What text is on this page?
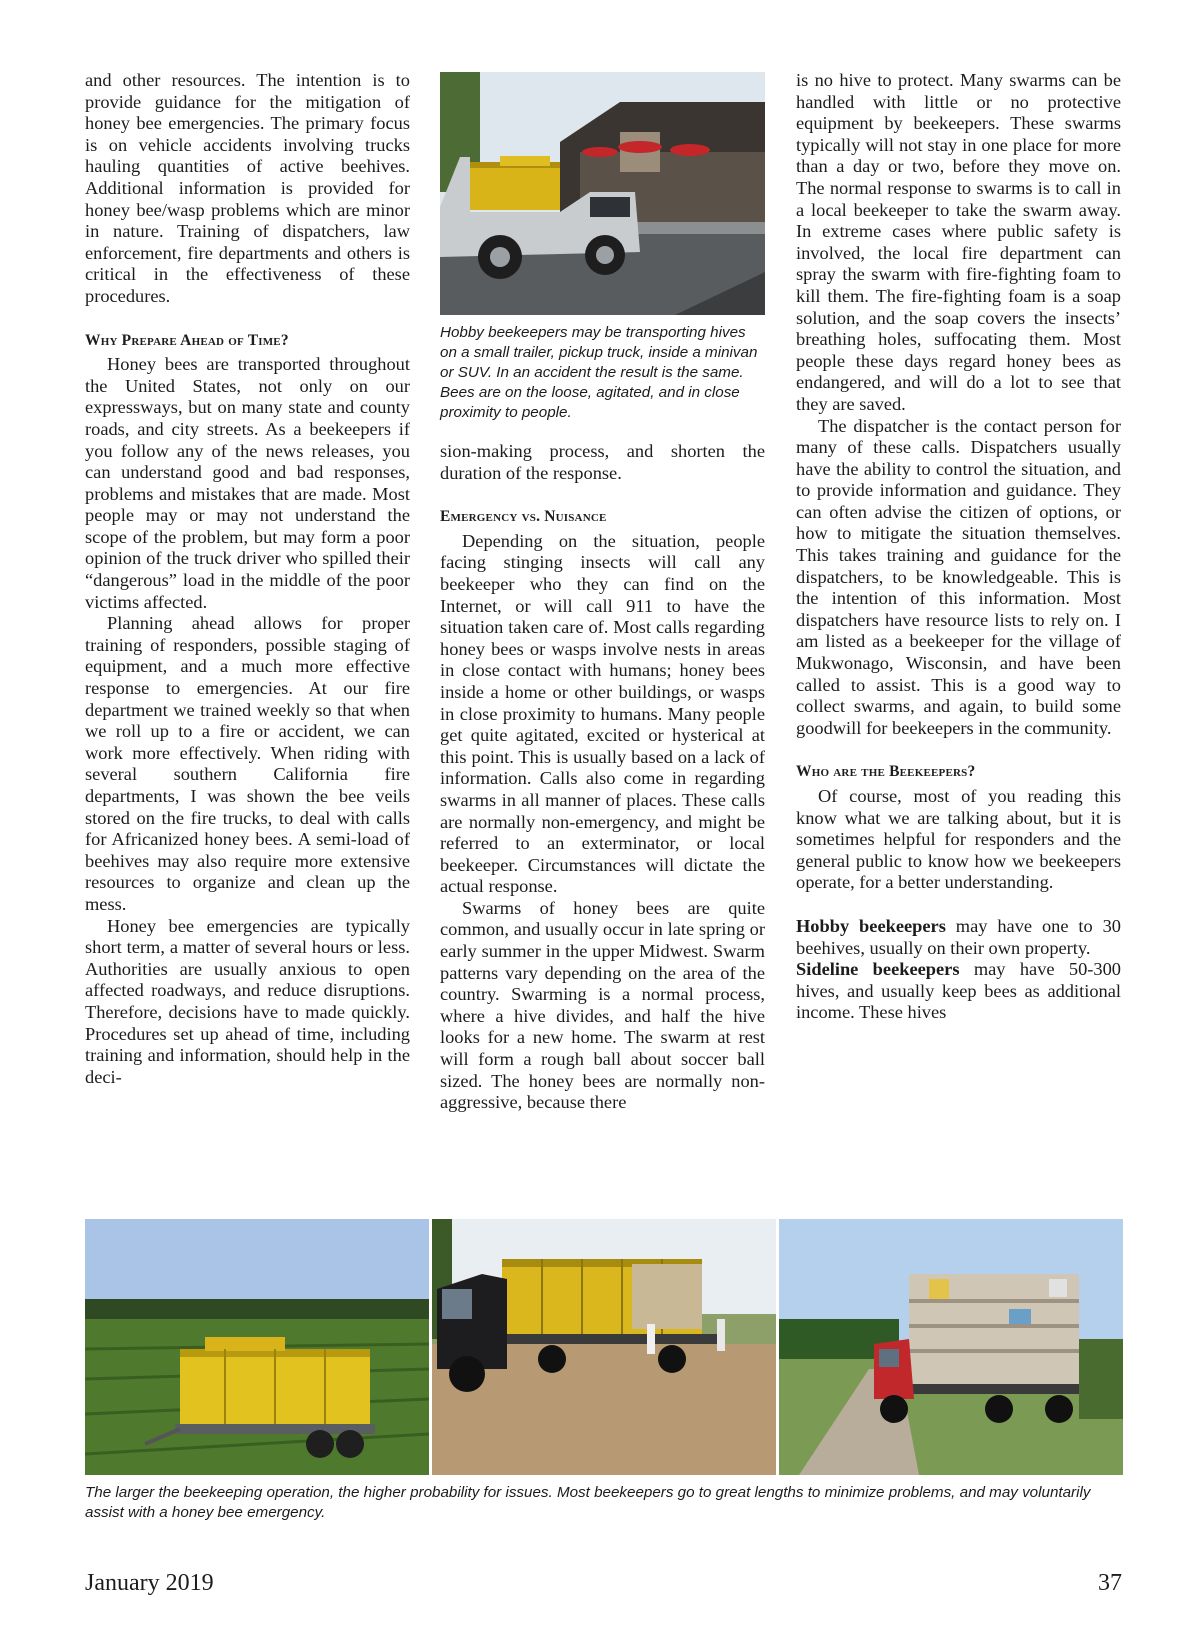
and other resources. The intention is to provide guidance for the mitigation of honey bee emergencies. The primary focus is on vehicle accidents involving trucks hauling quantities of active beehives. Additional information is provided for honey bee/wasp problems which are minor in nature. Training of dispatchers, law enforcement, fire departments and others is critical in the effectiveness of these procedures.

Why Prepare Ahead of Time?

Honey bees are transported throughout the United States, not only on our expressways, but on many state and county roads, and city streets. As a beekeepers if you follow any of the news releases, you can understand good and bad responses, problems and mistakes that are made. Most people may or may not understand the scope of the problem, but may form a poor opinion of the truck driver who spilled their “dangerous” load in the middle of the poor victims affected.

Planning ahead allows for proper training of responders, possible staging of equipment, and a much more effective response to emergencies. At our fire department we trained weekly so that when we roll up to a fire or accident, we can work more effectively. When riding with several southern California fire departments, I was shown the bee veils stored on the fire trucks, to deal with calls for Africanized honey bees. A semi-load of beehives may also require more extensive resources to organize and clean up the mess.

Honey bee emergencies are typically short term, a matter of several hours or less. Authorities are usually anxious to open affected roadways, and reduce disruptions. Therefore, decisions have to made quickly. Procedures set up ahead of time, including training and information, should help in the deci-

Hobby beekeepers may be transporting hives on a small trailer, pickup truck, inside a minivan or SUV. In an accident the result is the same. Bees are on the loose, agitated, and in close proximity to people.

sion-making process, and shorten the duration of the response.

Emergency vs. Nuisance

Depending on the situation, people facing stinging insects will call any beekeeper who they can find on the Internet, or will call 911 to have the situation taken care of. Most calls regarding honey bees or wasps involve nests in areas in close contact with humans; honey bees inside a home or other buildings, or wasps in close proximity to humans. Many people get quite agitated, excited or hysterical at this point. This is usually based on a lack of information. Calls also come in regarding swarms in all manner of places. These calls are normally non-emergency, and might be referred to an exterminator, or local beekeeper. Circumstances will dictate the actual response.

Swarms of honey bees are quite common, and usually occur in late spring or early summer in the upper Midwest. Swarm patterns vary depending on the area of the country. Swarming is a normal process, where a hive divides, and half the hive looks for a new home. The swarm at rest will form a rough ball about soccer ball sized. The honey bees are normally non-aggressive, because there

is no hive to protect. Many swarms can be handled with little or no protective equipment by beekeepers. These swarms typically will not stay in one place for more than a day or two, before they move on. The normal response to swarms is to call in a local beekeeper to take the swarm away. In extreme cases where public safety is involved, the local fire department can spray the swarm with fire-fighting foam to kill them. The fire-fighting foam is a soap solution, and the soap covers the insects’ breathing holes, suffocating them. Most people these days regard honey bees as endangered, and will do a lot to see that they are saved.

The dispatcher is the contact person for many of these calls. Dispatchers usually have the ability to control the situation, and to provide information and guidance. They can often advise the citizen of options, or how to mitigate the situation themselves. This takes training and guidance for the dispatchers, to be knowledgeable. This is the intention of this information. Most dispatchers have resource lists to rely on. I am listed as a beekeeper for the village of Mukwonago, Wisconsin, and have been called to assist. This is a good way to collect swarms, and again, to build some goodwill for beekeepers in the community.

Who are the Beekeepers?

Of course, most of you reading this know what we are talking about, but it is sometimes helpful for responders and the general public to know how we beekeepers operate, for a better understanding.

Hobby beekeepers may have one to 30 beehives, usually on their own property.

Sideline beekeepers may have 50-300 hives, and usually keep bees as additional income. These hives

The larger the beekeeping operation, the higher probability for issues. Most beekeepers go to great lengths to minimize problems, and may voluntarily assist with a honey bee emergency.
January 2019	37
